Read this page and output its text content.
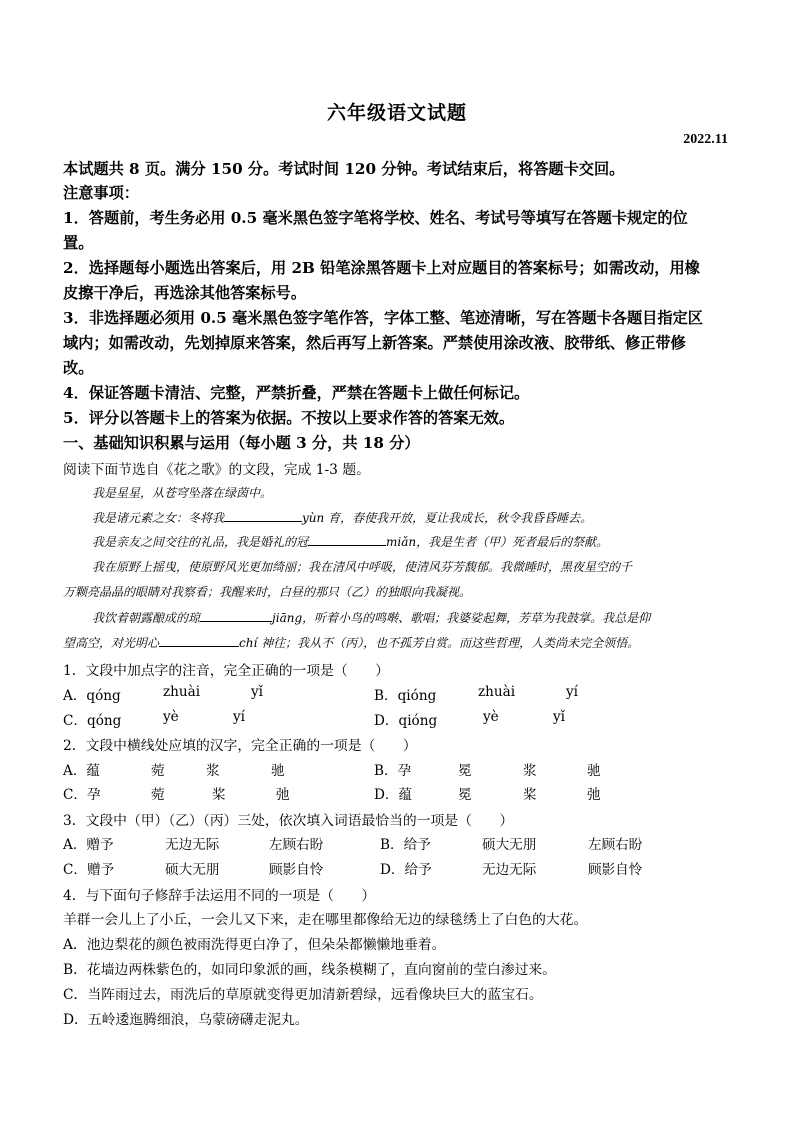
六年级语文试题
2022.11
本试题共 8 页。满分 150 分。考试时间 120 分钟。考试结束后，将答题卡交回。
注意事项：
1．答题前，考生务必用 0.5 毫米黑色签字笔将学校、姓名、考试号等填写在答题卡规定的位
置。
2．选择题每小题选出答案后，用 2B 铅笔涂黑答题卡上对应题目的答案标号；如需改动，用橡
皮擦干净后，再选涂其他答案标号。
3．非选择题必须用 0.5 毫米黑色签字笔作答，字体工整、笔迹清晰，写在答题卡各题目指定区
域内；如需改动，先划掉原来答案，然后再写上新答案。严禁使用涂改液、胶带纸、修正带修
改。
4．保证答题卡清洁、完整，严禁折叠，严禁在答题卡上做任何标记。
5．评分以答题卡上的答案为依据。不按以上要求作答的答案无效。
一、基础知识积累与运用（每小题 3 分，共 18 分）
阅读下面节选自《花之歌》的文段，完成 1-3 题。
我是星星，从苍穹坠落在绿茵中。
我是诸元素之女：冬将我	yùn 育，春使我开放，夏让我成长，秋令我昏昏睡去。
我是亲友之间交往的礼品，我是婚礼的冠	miǎn，我是生者（甲）死者最后的祭献。
我在原野上摇曳，使原野风光更加绮丽；我在清风中呼吸，使清风芬芳馥郁。我微睡时，黑夜星空的千
万颗亮晶晶的眼睛对我察看；我醒来时，白昼的那只（乙）的独眼向我凝视。
我饮着朝露酿成的琼	jiāng，听着小鸟的鸣啭、歌唱；我婆娑起舞，芳草为我鼓掌。我总是仰
望高空，对光明心	chí 神往；我从不（丙），也不孤芳自赏。而这些哲理，人类尚未完全领悟。
1．文段中加点字的注音，完全正确的一项是（　　）
A．qóng	zhuài	yǐ	B．qióng	zhuài	yí
C．qóng	yè	yí	D．qióng	yè	yǐ
2．文段中横线处应填的汉字，完全正确的一项是（　　）
A．蕴	菀	浆	驰	B．孕	冕	浆	驰
C．孕	菀	桨	弛	D．蕴	冕	桨	弛
3．文段中（甲）（乙）（丙）三处，依次填入词语最恰当的一项是（　　）
A．赠予	无边无际	左顾右盼	B．给予	硕大无朋	左顾右盼
C．赠予	硕大无朋	顾影自怜	D．给予	无边无际	顾影自怜
4．与下面句子修辞手法运用不同的一项是（　　）
羊群一会儿上了小丘，一会儿又下来，走在哪里都像给无边的绿毯绣上了白色的大花。
A．池边梨花的颜色被雨洗得更白净了，但朵朵都懒懒地垂着。
B．花墙边两株紫色的，如同印象派的画，线条模糊了，直向窗前的莹白渗过来。
C．当阵雨过去，雨洗后的草原就变得更加清新碧绿，远看像块巨大的蓝宝石。
D．五岭逶迤腾细浪，乌蒙磅礴走泥丸。
